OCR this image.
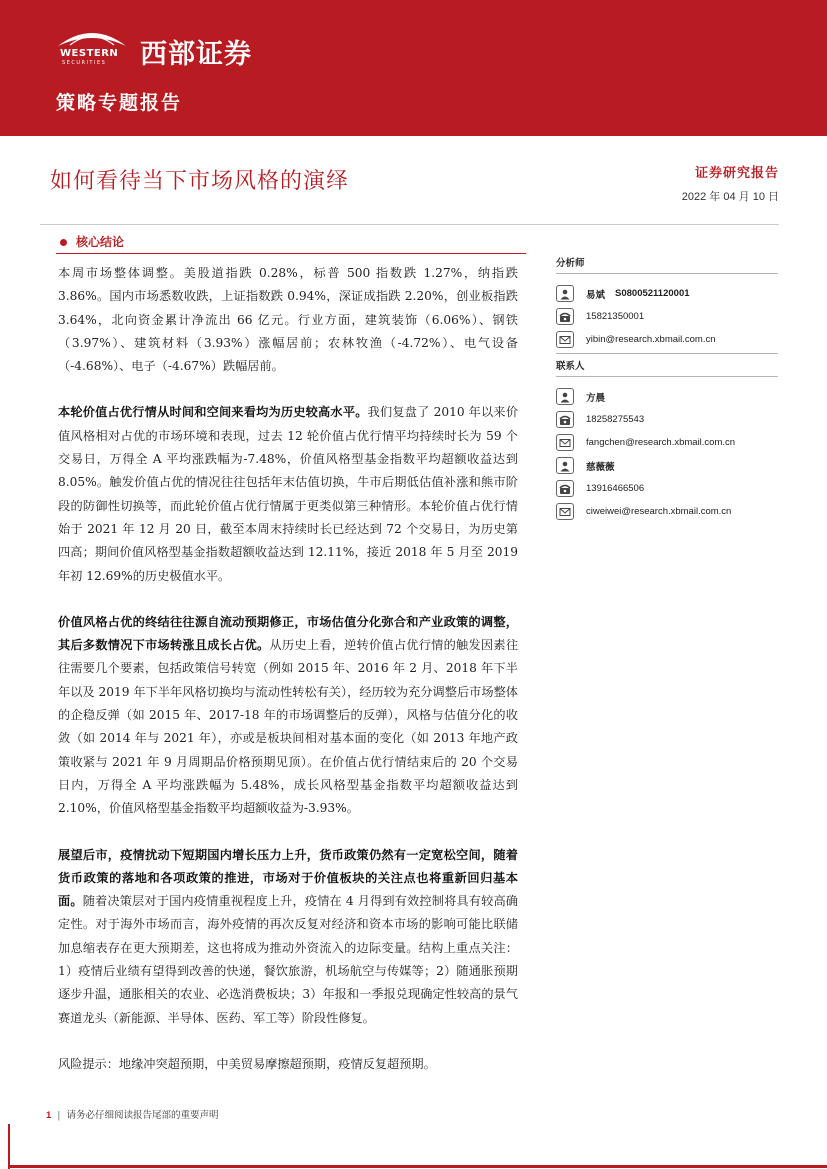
WESTERN
SECURITIES 西部证券
策略专题报告
如何看待当下市场风格的演绎	证券研究报告
2022 年 04 月 10 日
核心结论

本周市场整体调整。美股道指跌 0.28%，标普 500 指数跌 1.27%，纳指跌 3.86%。国内市场悉数收跌，上证指数跌 0.94%，深证成指跌 2.20%，创业板指跌 3.64%，北向资金累计净流出 66 亿元。行业方面，建筑装饰（6.06%）、钢铁（3.97%）、建筑材料（3.93%）涨幅居前；农林牧渔（-4.72%）、电气设备（-4.68%）、电子（-4.67%）跌幅居前。

本轮价值占优行情从时间和空间来看均为历史较高水平。我们复盘了 2010 年以来价值风格相对占优的市场环境和表现，过去 12 轮价值占优行情平均持续时长为 59 个交易日，万得全 A 平均涨跌幅为-7.48%，价值风格型基金指数平均超额收益达到 8.05%。触发价值占优的情况往往包括年末估值切换，牛市后期低估值补涨和熊市阶段的防御性切换等，而此轮价值占优行情属于更类似第三种情形。本轮价值占优行情始于 2021 年 12 月 20 日，截至本周末持续时长已经达到 72 个交易日，为历史第四高；期间价值风格型基金指数超额收益达到 12.11%，接近 2018 年 5 月至 2019 年初 12.69%的历史极值水平。

价值风格占优的终结往往源自流动预期修正，市场估值分化弥合和产业政策的调整，其后多数情况下市场转涨且成长占优。从历史上看，逆转价值占优行情的触发因素往往需要几个要素，包括政策信号转宽（例如 2015 年、2016 年 2 月、2018 年下半年以及 2019 年下半年风格切换均与流动性转松有关），经历较为充分调整后市场整体的企稳反弹（如 2015 年、2017-18 年的市场调整后的反弹），风格与估值分化的收敛（如 2014 年与 2021 年），亦或是板块间相对基本面的变化（如 2013 年地产政策收紧与 2021 年 9 月周期品价格预期见顶）。在价值占优行情结束后的 20 个交易日内，万得全 A 平均涨跌幅为 5.48%，成长风格型基金指数平均超额收益达到 2.10%，价值风格型基金指数平均超额收益为-3.93%。

展望后市，疫情扰动下短期国内增长压力上升，货币政策仍然有一定宽松空间，随着货币政策的落地和各项政策的推进，市场对于价值板块的关注点也将重新回归基本面。随着决策层对于国内疫情重视程度上升，疫情在 4 月得到有效控制将具有较高确定性。对于海外市场而言，海外疫情的再次反复对经济和资本市场的影响可能比联储加息缩表存在更大预期差，这也将成为推动外资流入的边际变量。结构上重点关注：1）疫情后业绩有望得到改善的快递，餐饮旅游，机场航空与传媒等；2）随通胀预期逐步升温，通胀相关的农业、必选消费板块；3）年报和一季报兑现确定性较高的景气赛道龙头（新能源、半导体、医药、军工等）阶段性修复。

风险提示：地缘冲突超预期，中美贸易摩擦超预期，疫情反复超预期。

分析师
易斌 S0800521120001
15821350001
yibin@research.xbmail.com.cn
联系人
方晨
18258275543
fangchen@research.xbmail.com.cn
慈薇薇
13916466506
ciweiwei@research.xbmail.com.cn
1 | 请务必仔细阅读报告尾部的重要声明
